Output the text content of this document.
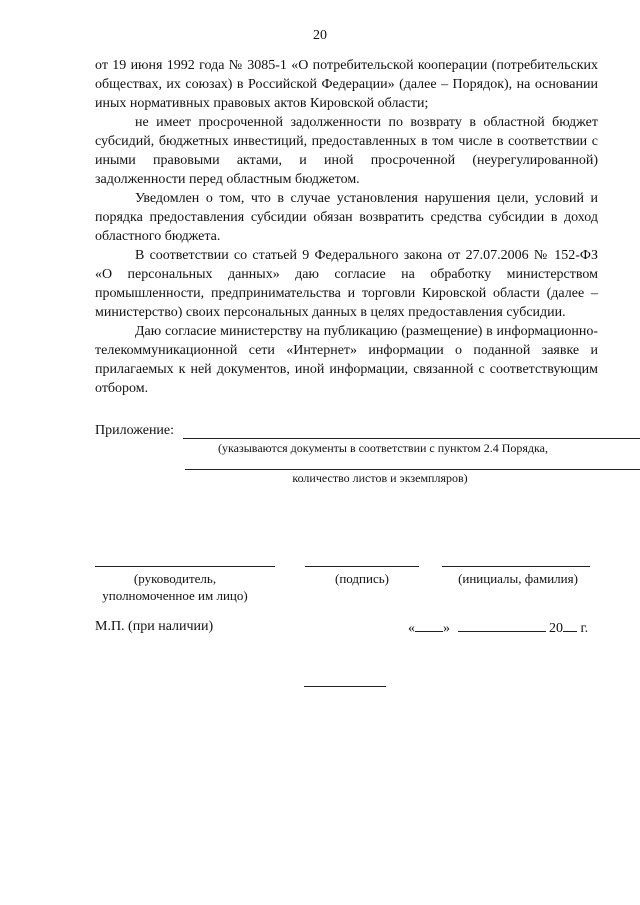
20

от 19 июня 1992 года № 3085-1 «О потребительской кооперации (потребительских обществах, их союзах) в Российской Федерации» (далее – Порядок), на основании иных нормативных правовых актов Кировской области;

не имеет просроченной задолженности по возврату в областной бюджет субсидий, бюджетных инвестиций, предоставленных в том числе в соответствии с иными правовыми актами, и иной просроченной (неурегулированной) задолженности перед областным бюджетом.

Уведомлен о том, что в случае установления нарушения цели, условий и порядка предоставления субсидии обязан возвратить средства субсидии в доход областного бюджета.

В соответствии со статьей 9 Федерального закона от 27.07.2006 № 152-ФЗ «О персональных данных» даю согласие на обработку министерством промышленности, предпринимательства и торговли Кировской области (далее – министерство) своих персональных данных в целях предоставления субсидии.

Даю согласие министерству на публикацию (размещение) в информационно-телекоммуникационной сети «Интернет» информации о поданной заявке и прилагаемых к ней документов, иной информации, связанной с соответствующим отбором.

Приложение:
(указываются документы в соответствии с пунктом 2.4 Порядка,
количество листов и экземпляров)
(руководитель,
уполномоченное им лицо)
(подпись)	(инициалы, фамилия)
М.П. (при наличии)	« »	20 г.
